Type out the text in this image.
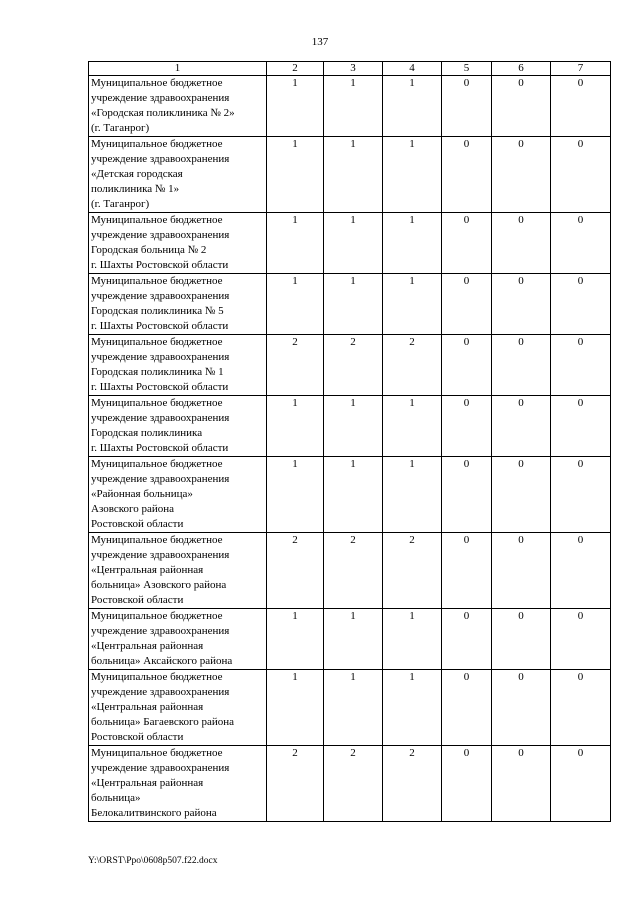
137
1	2	3	4	5	6	7
Муниципальное бюджетное
учреждение здравоохранения
«Городская поликлиника № 2»
(г. Таганрог)	1	1	1	0	0	0
Муниципальное бюджетное
учреждение здравоохранения
«Детская городская
поликлиника № 1»
(г. Таганрог)	1	1	1	0	0	0
Муниципальное бюджетное
учреждение здравоохранения
Городская больница № 2
г. Шахты Ростовской области	1	1	1	0	0	0
Муниципальное бюджетное
учреждение здравоохранения
Городская поликлиника № 5
г. Шахты Ростовской области	1	1	1	0	0	0
Муниципальное бюджетное
учреждение здравоохранения
Городская поликлиника № 1
г. Шахты Ростовской области	2	2	2	0	0	0
Муниципальное бюджетное
учреждение здравоохранения
Городская поликлиника
г. Шахты Ростовской области	1	1	1	0	0	0
Муниципальное бюджетное
учреждение здравоохранения
«Районная больница»
Азовского района
Ростовской области	1	1	1	0	0	0
Муниципальное бюджетное
учреждение здравоохранения
«Центральная районная
больница» Азовского района
Ростовской области	2	2	2	0	0	0
Муниципальное бюджетное
учреждение здравоохранения
«Центральная районная
больница» Аксайского района	1	1	1	0	0	0
Муниципальное бюджетное
учреждение здравоохранения
«Центральная районная
больница» Багаевского района
Ростовской области	1	1	1	0	0	0
Муниципальное бюджетное
учреждение здравоохранения
«Центральная районная
больница»
Белокалитвинского района	2	2	2	0	0	0
Y:\ORST\Ppo\0608p507.f22.docx
